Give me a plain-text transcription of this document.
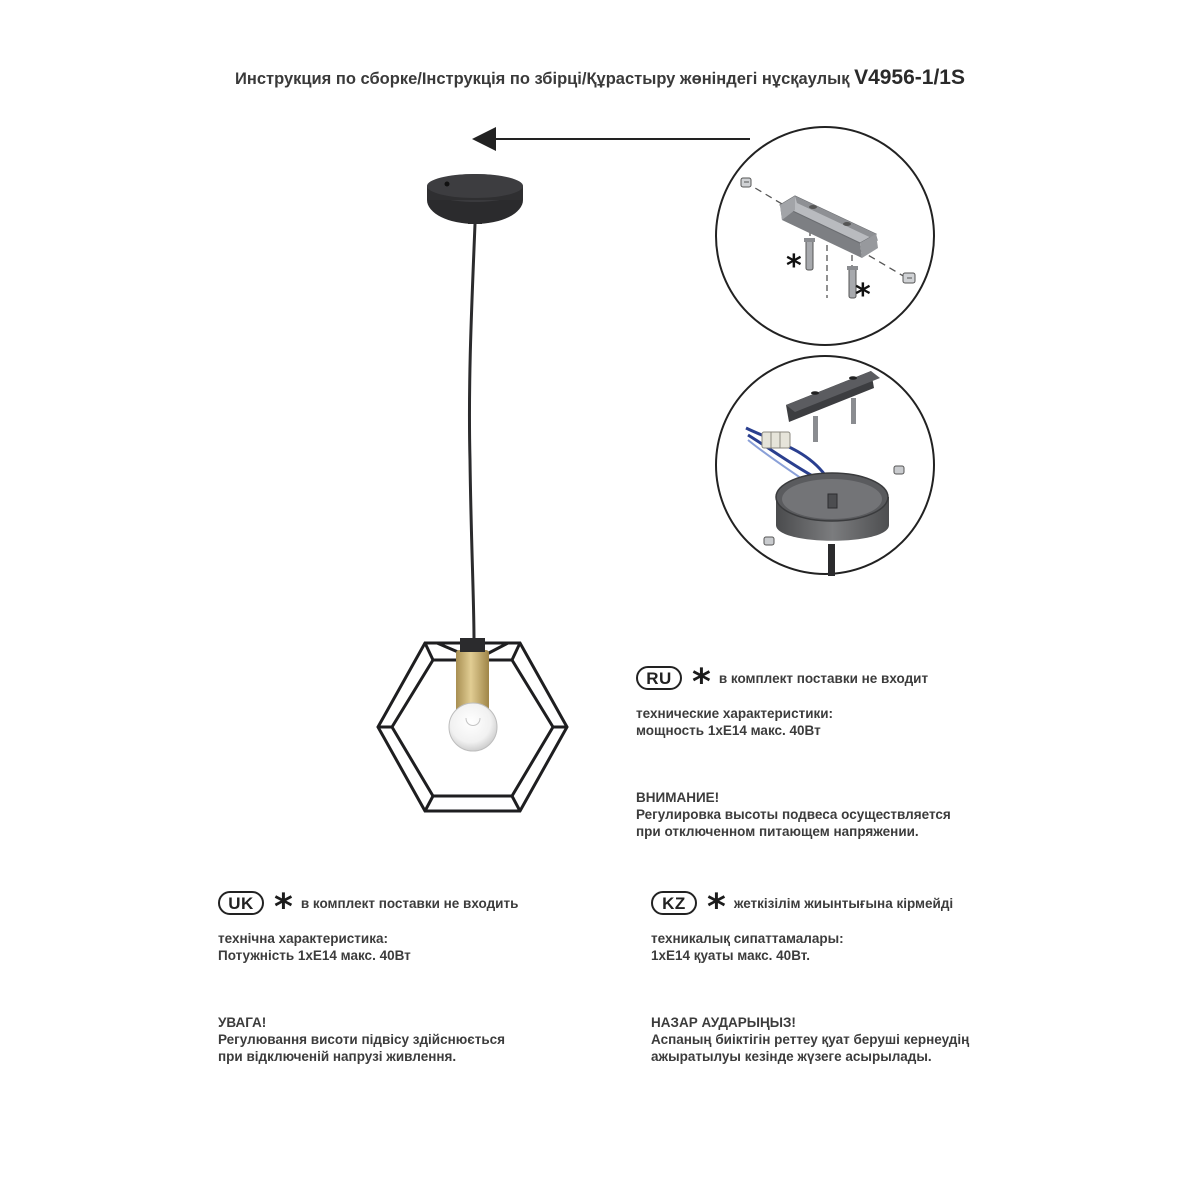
Инструкция по сборке/Інструкція по збірці/Құрастыру жөніндегі нұсқаулық V4956-1/1S
*
*
RU * в комплект поставки не входит

технические характеристики:

мощность 1хЕ14 макс. 40Вт

ВНИМАНИЕ!

Регулировка высоты подвеса осуществляется

при отключенном питающем напряжении.

UK * в комплект поставки не входить

технічна характеристика:

Потужність 1хЕ14 макс. 40Вт

УВАГА!

Регулювання висоти підвісу здійснюється

при відключеній напрузі живлення.

KZ * жеткізілім жиынтығына кірмейді

техникалық сипаттамалары:

1хЕ14 қуаты макс. 40Вт.

НАЗАР АУДАРЫҢЫЗ!

Аспаның биіктігін реттеу қуат беруші кернеудің

ажыратылуы кезінде жүзеге асырылады.
